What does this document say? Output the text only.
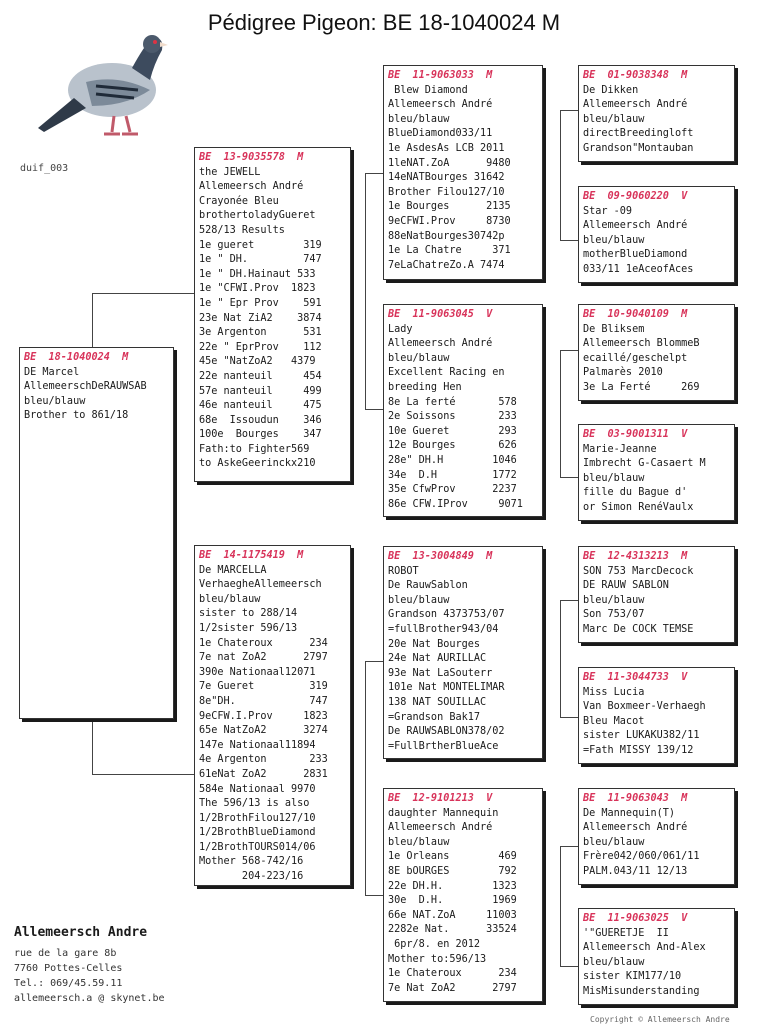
Pédigree Pigeon: BE 18-1040024 M
duif_003
BE  18-1040024  M
DE Marcel
AllemeerschDeRAUWSAB
bleu/blauw
Brother to 861/18
BE  13-9035578  M
the JEWELL
Allemeersch André
Crayonée Bleu
brothertoladyGueret
528/13 Results
1e gueret        319
1e " DH.         747
1e " DH.Hainaut 533
1e "CFWI.Prov  1823
1e " Epr Prov    591
23e Nat ZiA2    3874
3e Argenton      531
22e " EprProv    112
45e "NatZoA2   4379
22e nanteuil     454
57e nanteuil     499
46e nanteuil     475
68e  Issoudun    346
100e  Bourges    347
Fath:to Fighter569
to AskeGeerinckx210
BE  14-1175419  M
De MARCELLA
VerhaegheAllemeersch
bleu/blauw
sister to 288/14
1/2sister 596/13
1e Chateroux      234
7e nat ZoA2      2797
390e Nationaal12071
7e Gueret         319
8e"DH.            747
9eCFW.I.Prov     1823
65e NatZoA2      3274
147e Nationaal11894
4e Argenton       233
61eNat ZoA2      2831
584e Nationaal 9970
The 596/13 is also
1/2BrothFilou127/10
1/2BrothBlueDiamond
1/2BrothTOURS014/06
Mother 568-742/16
204-223/16
BE  11-9063033  M
Blew Diamond
Allemeersch André
bleu/blauw
BlueDiamond033/11
1e AsdesAs LCB 2011
1leNAT.ZoA      9480
14eNATBourges 31642
Brother Filou127/10
1e Bourges      2135
9eCFWI.Prov     8730
88eNatBourges30742p
1e La Chatre     371
7eLaChatreZo.A 7474
BE  11-9063045  V
Lady
Allemeersch André
bleu/blauw
Excellent Racing en
breeding Hen
8e La ferté       578
2e Soissons       233
10e Gueret        293
12e Bourges       626
28e" DH.H        1046
34e  D.H         1772
35e CfwProv      2237
86e CFW.IProv     9071
BE  13-3004849  M
ROBOT
De RauwSablon
bleu/blauw
Grandson 4373753/07
=fullBrother943/04
20e Nat Bourges
24e Nat AURILLAC
93e Nat LaSouterr
101e Nat MONTELIMAR
138 NAT SOUILLAC
=Grandson Bak17
De RAUWSABLON378/02
=FullBrtherBlueAce
BE  12-9101213  V
daughter Mannequin
Allemeersch André
bleu/blauw
1e Orleans        469
8E bOURGES        792
22e DH.H.        1323
30e  D.H.        1969
66e NAT.ZoA     11003
2282e Nat.      33524
6pr/8. en 2012
Mother to:596/13
1e Chateroux      234
7e Nat ZoA2      2797
BE  01-9038348  M
De Dikken
Allemeersch André
bleu/blauw
directBreedingloft
Grandson"Montauban
BE  09-9060220  V
Star -09
Allemeersch André
bleu/blauw
motherBlueDiamond
033/11 1eAceofAces
BE  10-9040109  M
De Bliksem
Allemeersch BlommeB
ecaillé/geschelpt
Palmarès 2010
3e La Ferté     269
BE  03-9001311  V
Marie-Jeanne
Imbrecht G-Casaert M
bleu/blauw
fille du Bague d'
or Simon RenéVaulx
BE  12-4313213  M
SON 753 MarcDecock
DE RAUW SABLON
bleu/blauw
Son 753/07
Marc De COCK TEMSE
BE  11-3044733  V
Miss Lucia
Van Boxmeer-Verhaegh
Bleu Macot
sister LUKAKU382/11
=Fath MISSY 139/12
BE  11-9063043  M
De Mannequin(T)
Allemeersch André
bleu/blauw
Frère042/060/061/11
PALM.043/11 12/13
BE  11-9063025  V
'"GUERETJE  II
Allemeersch And-Alex
bleu/blauw
sister KIM177/10
MisMisunderstanding
Allemeersch Andre
rue de la gare 8b
7760 Pottes-Celles
Tel.: 069/45.59.11
allemeersch.a @ skynet.be
Copyright © Allemeersch Andre
